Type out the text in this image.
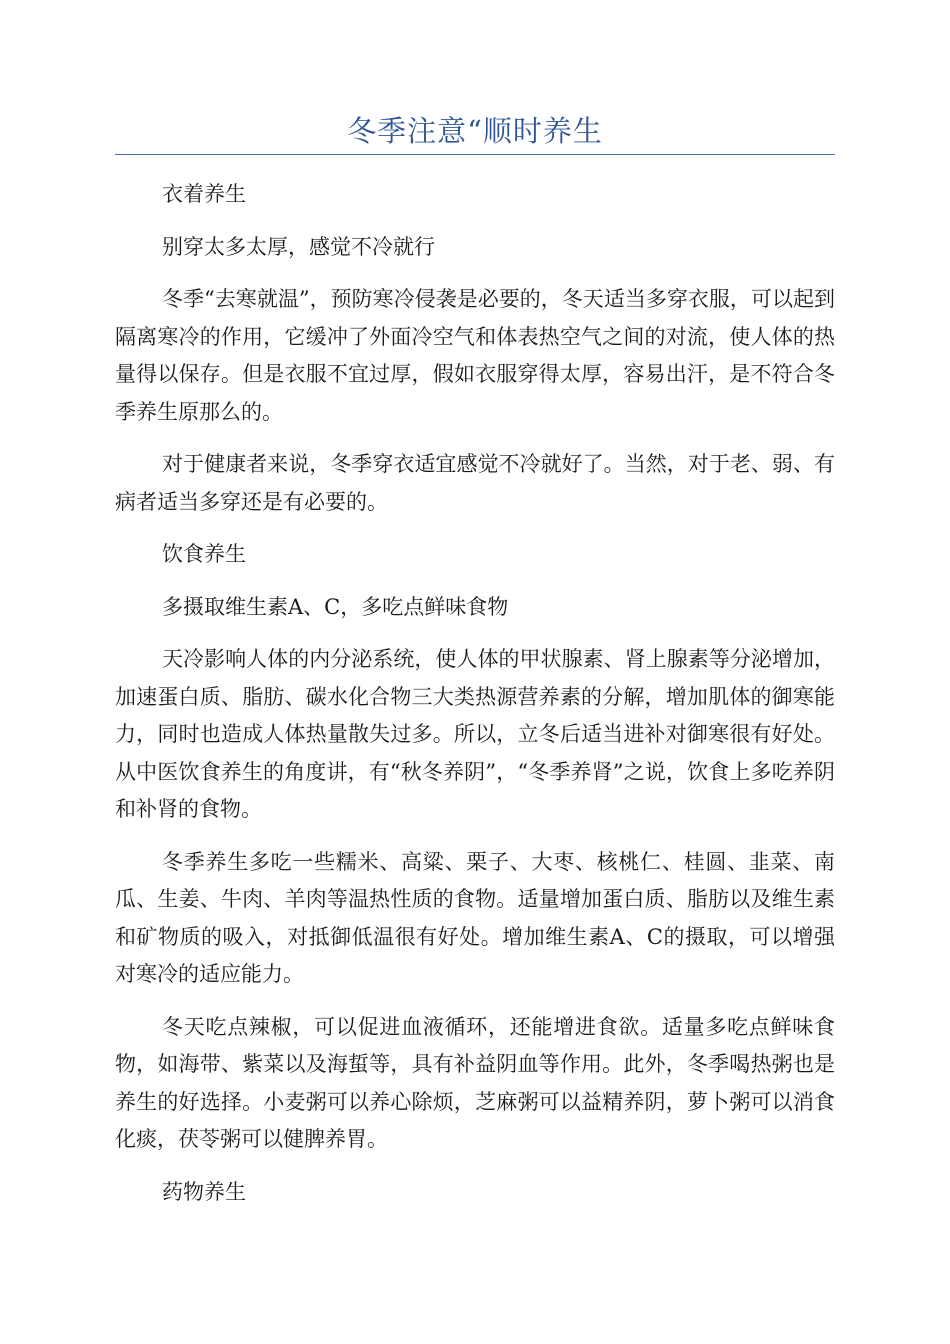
冬季注意“顺时养生

衣着养生

别穿太多太厚，感觉不冷就行

冬季“去寒就温”，预防寒冷侵袭是必要的，冬天适当多穿衣服，可以起到隔离寒冷的作用，它缓冲了外面冷空气和体表热空气之间的对流，使人体的热量得以保存。但是衣服不宜过厚，假如衣服穿得太厚，容易出汗，是不符合冬季养生原那么的。

对于健康者来说，冬季穿衣适宜感觉不冷就好了。当然，对于老、弱、有病者适当多穿还是有必要的。

饮食养生

多摄取维生素A、C，多吃点鲜味食物

天冷影响人体的内分泌系统，使人体的甲状腺素、肾上腺素等分泌增加，加速蛋白质、脂肪、碳水化合物三大类热源营养素的分解，增加肌体的御寒能力，同时也造成人体热量散失过多。所以，立冬后适当进补对御寒很有好处。从中医饮食养生的角度讲，有“秋冬养阴”，“冬季养肾”之说，饮食上多吃养阴和补肾的食物。

冬季养生多吃一些糯米、高粱、栗子、大枣、核桃仁、桂圆、韭菜、南瓜、生姜、牛肉、羊肉等温热性质的食物。适量增加蛋白质、脂肪以及维生素和矿物质的吸入，对抵御低温很有好处。增加维生素A、C的摄取，可以增强对寒冷的适应能力。

冬天吃点辣椒，可以促进血液循环，还能增进食欲。适量多吃点鲜味食物，如海带、紫菜以及海蜇等，具有补益阴血等作用。此外，冬季喝热粥也是养生的好选择。小麦粥可以养心除烦，芝麻粥可以益精养阴，萝卜粥可以消食化痰，茯苓粥可以健脾养胃。

药物养生
